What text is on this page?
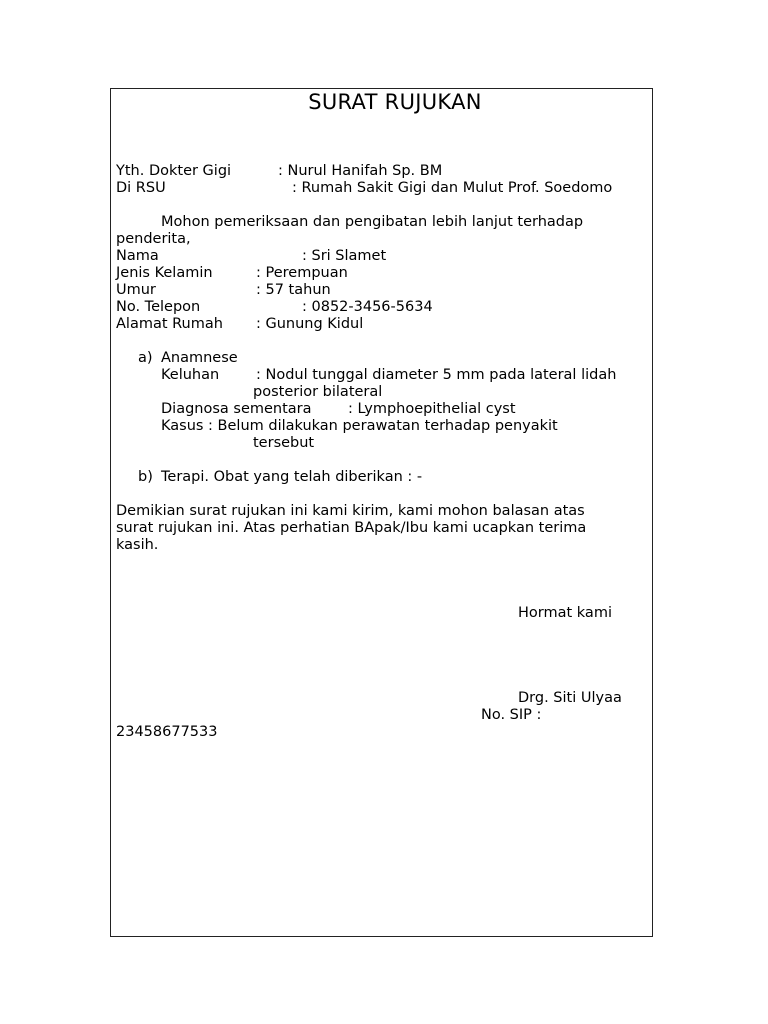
SURAT RUJUKAN
Yth. Dokter Gigi	: Nurul Hanifah Sp. BM
Di RSU	: Rumah Sakit Gigi dan Mulut Prof. Soedomo
Mohon pemeriksaan dan pengibatan lebih lanjut terhadap
penderita,
Nama	: Sri Slamet
Jenis Kelamin	: Perempuan
Umur	: 57 tahun
No. Telepon	: 0852-3456-5634
Alamat Rumah : Gunung Kidul
a) Anamnese
Keluhan	: Nodul tunggal diameter 5 mm pada lateral lidah
posterior bilateral
Diagnosa sementara	: Lymphoepithelial cyst
Kasus : Belum dilakukan perawatan terhadap penyakit
tersebut
b) Terapi. Obat yang telah diberikan : -
Demikian surat rujukan ini kami kirim, kami mohon balasan atas
surat rujukan ini. Atas perhatian BApak/Ibu kami ucapkan terima
kasih.
Hormat kami
Drg. Siti Ulyaa
No. SIP :
23458677533
